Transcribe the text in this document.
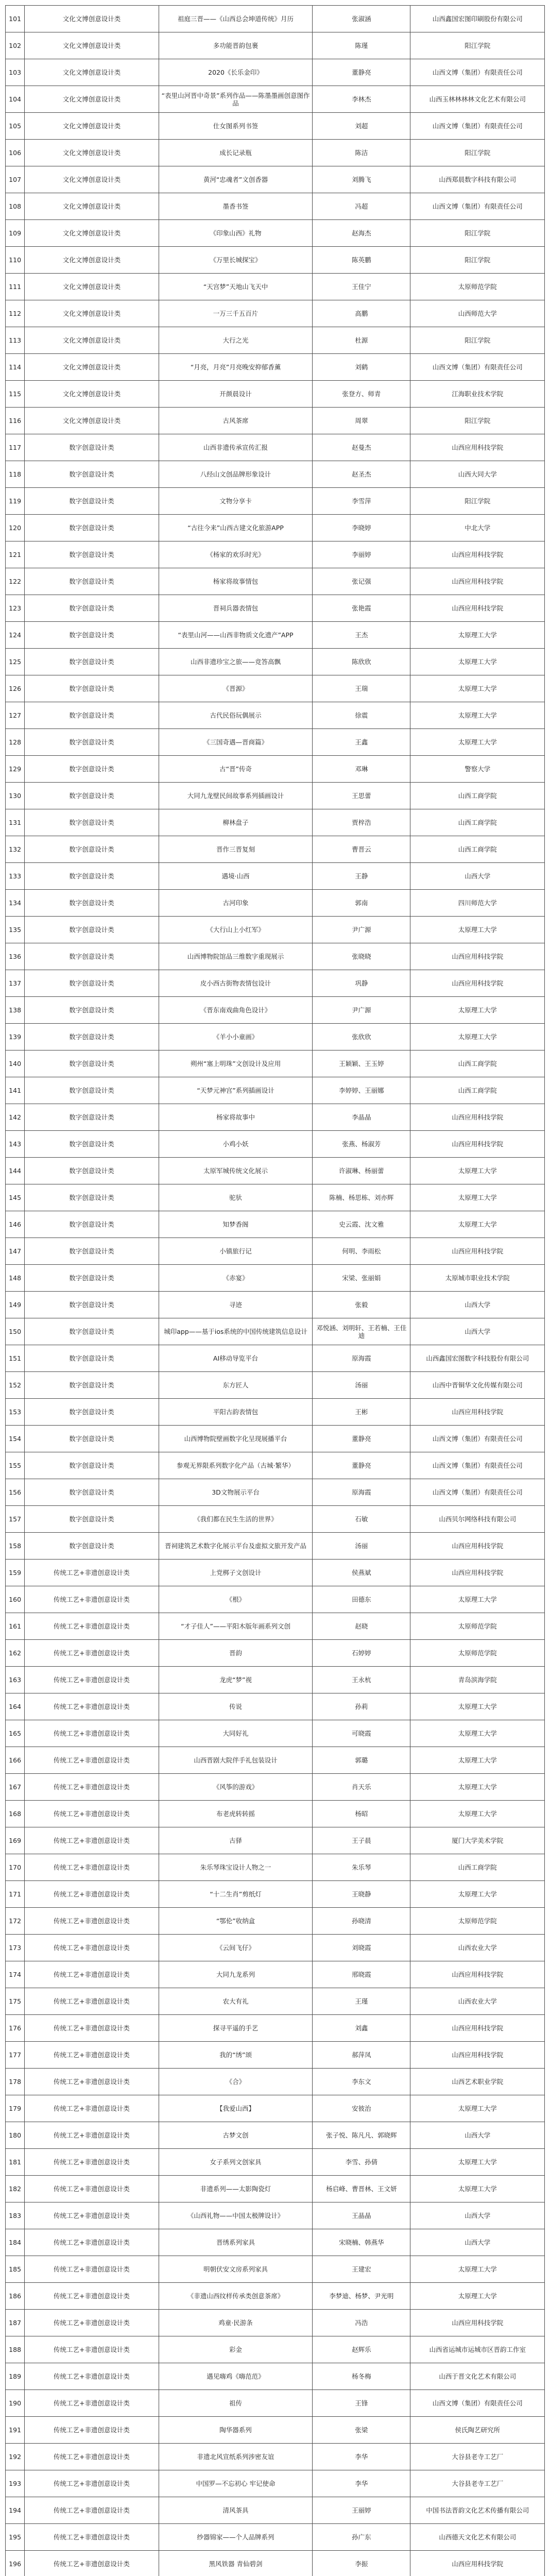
101	文化文博创意设计类	祖庭三晋——《山西总会坤道传统》月历	张淑涵	山西鑫国宏图印刷股份有限公司
102	文化文博创意设计类	多功能晋韵包裹	陈瑾	阳江学院
103	文化文博创意设计类	2020《长乐金印》	董静亮	山西文博（集团）有限责任公司
104	文化文博创意设计类	“表里山河晋中奇景”系列作品——陈墨墨画创意图作品	李林杰	山西玉林林林林文化艺术有限公司
105	文化文博创意设计类	仕女图系列书签	刘超	山西文博（集团）有限责任公司
106	文化文博创意设计类	成长记录瓶	陈洁	阳江学院
107	文化文博创意设计类	黄河“忠魂者”文创香器	刘腾飞	山西郑晨数字科技有限公司
108	文化文博创意设计类	墨香书签	冯超	山西文博（集团）有限责任公司
109	文化文博创意设计类	《印象山西》礼物	赵海杰	阳江学院
110	文化文博创意设计类	《万里长城探宝》	陈英鹏	阳江学院
111	文化文博创意设计类	“天宫梦”天地山飞天中	王佳宁	太原师范学院
112	文化文博创意设计类	一万三千五百片	高鹏	山西师范大学
113	文化文博创意设计类	大行之光	杜源	阳江学院
114	文化文博创意设计类	“月亮，月亮”月亮晚安抑郁香薰	刘鹤	山西文博（集团）有限责任公司
115	文化文博创意设计类	开颜晨设计	张登方、师青	江海职业技术学院
116	文化文博创意设计类	古风茶席	周翠	阳江学院
117	数字创意设计类	山西非遗传承宣传汇报	赵曼杰	山西应用科技学院
118	数字创意设计类	八经山文创品牌形象设计	赵圣杰	山西大同大学
119	数字创意设计类	文物分享卡	李雪萍	阳江学院
120	数字创意设计类	“古往今来”山西古建文化旅游APP	李晓婷	中北大学
121	数字创意设计类	《杨家的欢乐时光》	李丽婷	山西应用科技学院
122	数字创意设计类	杨家将故事情包	张记强	山西应用科技学院
123	数字创意设计类	晋祠兵器表情包	张艳霞	山西应用科技学院
124	数字创意设计类	“表里山河——山西非物质文化遗产”APP	王杰	太原理工大学
125	数字创意设计类	山西非遗珍宝之旅——竞答高飘	陈欣欣	太原理工大学
126	数字创意设计类	《晋源》	王瑞	太原理工大学
127	数字创意设计类	古代民俗玩偶展示	徐震	太原理工大学
128	数字创意设计类	《三国奇遇—晋商篇》	王鑫	太原理工大学
129	数字创意设计类	古“晋”传奇	邓琳	警察大学
130	数字创意设计类	大同九龙壁民间故事系列插画设计	王思蕾	山西工商学院
131	数字创意设计类	柳林盘子	贾梓浩	山西工商学院
132	数字创意设计类	晋作三晋复刻	曹晋云	山西工商学院
133	数字创意设计类	遇境·山西	王静	山西大学
134	数字创意设计类	古河印象	郭南	四川师范大学
135	数字创意设计类	《大行山上小红军》	尹广源	太原理工大学
136	数字创意设计类	山西博物院馆品三维数字重现展示	张晓晓	山西应用科技学院
137	数字创意设计类	皮小西古街物表情包设计	巩静	山西应用科技学院
138	数字创意设计类	《晋东南戏曲角色设计》	尹广源	太原理工大学
139	数字创意设计类	《羊小小童画》	张欣欣	太原理工大学
140	数字创意设计类	朔州“塞上明珠”文创设计及应用	王颖颖、王玉婷	山西工商学院
141	数字创意设计类	“天梦元神宫”系列插画设计	李婷婷、王丽娜	山西工商学院
142	数字创意设计类	杨家将故事中	李晶晶	山西应用科技学院
143	数字创意设计类	小鸡小妖	张燕、杨淑芳	山西应用科技学院
144	数字创意设计类	太原军城传统文化展示	许淑琳、杨丽蕾	太原理工大学
145	数字创意设计类	驼驮	陈楠、杨思栋、刘亦辉	太原理工大学
146	数字创意设计类	知梦香阁	史云霞、沈文雅	太原理工大学
147	数字创意设计类	小镇旅行记	何明、李雨松	山西应用科技学院
148	数字创意设计类	《赤宴》	宋梁、张丽娟	太原城市职业技术学院
149	数字创意设计类	寻迹	张毅	山西大学
150	数字创意设计类	城印app——基于ios系统的中国传统建筑信息设计	邓悦涵、刘明轩、王若楠、王佳迪	山西大学
151	数字创意设计类	AI移动导览平台	原海霞	山西鑫国宏图数字科技股份有限公司
152	数字创意设计类	东方匠人	汤丽	山西中晋铜华文化传媒有限公司
153	数字创意设计类	平阳古韵表情包	王彬	山西应用科技学院
154	数字创意设计类	山西博物院壁画数字化呈现展播平台	董静亮	山西文博（集团）有限责任公司
155	数字创意设计类	参观无界限系列数字化产品（古城·繁华）	董静亮	山西文博（集团）有限责任公司
156	数字创意设计类	3D文物展示平台	原海霞	山西文博（集团）有限责任公司
157	数字创意设计类	《我们都在民生生活的世界》	石敏	山西贝尔网络科技有限公司
158	数字创意设计类	晋祠建筑艺术数字化展示平台及虚拟文旅开发产品	汤丽	山西应用科技学院
159	传统工艺+非遗创意设计类	上党梆子文创设计	侯燕斌	山西应用科技学院
160	传统工艺+非遗创意设计类	《根》	田德东	太原理工大学
161	传统工艺+非遗创意设计类	“才子佳人”——平阳木版年画系列文创	赵晓	太原师范学院
162	传统工艺+非遗创意设计类	晋韵	石婷婷	太原师范学院
163	传统工艺+非遗创意设计类	龙虎“梦”视	王永杭	青岛滨海学院
164	传统工艺+非遗创意设计类	传说	孙莉	太原理工大学
165	传统工艺+非遗创意设计类	大同好礼	可晓霞	太原理工大学
166	传统工艺+非遗创意设计类	山西晋剧大院伴手礼包装设计	郭璐	太原理工大学
167	传统工艺+非遗创意设计类	《风筝的游戏》	肖天乐	太原理工大学
168	传统工艺+非遗创意设计类	布老虎转转摇	杨昭	太原理工大学
169	传统工艺+非遗创意设计类	古驿	王子晨	厦门大学美术学院
170	传统工艺+非遗创意设计类	朱乐琴珠宝设计人物之一	朱乐琴	山西工商学院
171	传统工艺+非遗创意设计类	“十二生肖”剪纸灯	王晓静	太原理工大学
172	传统工艺+非遗创意设计类	“鄂伦”收纳盒	孙晓清	太原师范学院
173	传统工艺+非遗创意设计类	《云间飞仔》	刘晓霞	山西农业大学
174	传统工艺+非遗创意设计类	大同九龙系列	邢晓霞	山西应用科技学院
175	传统工艺+非遗创意设计类	农大有礼	王瑾	山西农业大学
176	传统工艺+非遗创意设计类	探寻平遥的手艺	刘鑫	山西应用科技学院
177	传统工艺+非遗创意设计类	我的“绣”颂	郝萍凤	山西应用科技学院
178	传统工艺+非遗创意设计类	《合》	李东文	山西艺术职业学院
179	传统工艺+非遗创意设计类	【我爱山西】	安彼治	太原理工大学
180	传统工艺+非遗创意设计类	古梦文创	张子悦、陈凡凡、郭晓辉	山西大学
181	传统工艺+非遗创意设计类	女子系列文创家具	李雪、孙倩	太原理工大学
182	传统工艺+非遗创意设计类	非遗系列——太影陶瓷灯	杨启峰、曹晋林、王文妍	太原理工大学
183	传统工艺+非遗创意设计类	《山西礼物——中国太极牌设计》	王晶晶	山西大学
184	传统工艺+非遗创意设计类	晋绣系列家具	宋晓楠、韩燕华	山西大学
185	传统工艺+非遗创意设计类	明朝伏安文房系列家具	王建宏	太原理工大学
186	传统工艺+非遗创意设计类	《非遗山西纹样传承类创意茶席》	李梦迪、杨梦、尹光明	太原理工大学
187	传统工艺+非遗创意设计类	鸡童·民游条	冯浩	山西应用科技学院
188	传统工艺+非遗创意设计类	彩金	赵辉乐	山西省运城市运城市区晋韵工作室
189	传统工艺+非遗创意设计类	遇见嗨鸡《嗨范范》	杨冬梅	山西于晋文化艺术有限公司
190	传统工艺+非遗创意设计类	祖传	王锋	山西文博（集团）有限责任公司
191	传统工艺+非遗创意设计类	陶华器系列	张梁	侯氏陶艺研究所
192	传统工艺+非遗创意设计类	非遗北风宣纸系列涉密友谊	李华	大谷县老寺工艺厂
193	传统工艺+非遗创意设计类	中国罗—不忘初心 牢记使命	李华	大谷县老寺工艺厂
194	传统工艺+非遗创意设计类	清风茶具	王丽婷	中国书法晋韵文化艺术传播有限公司
195	传统工艺+非遗创意设计类	纱器锦家——个人品牌系列	孙广东	山西德天文化艺术有限公司
196	传统工艺+非遗创意设计类	黑风铁器 青仙碧剑	李振	山西应用科技学院
